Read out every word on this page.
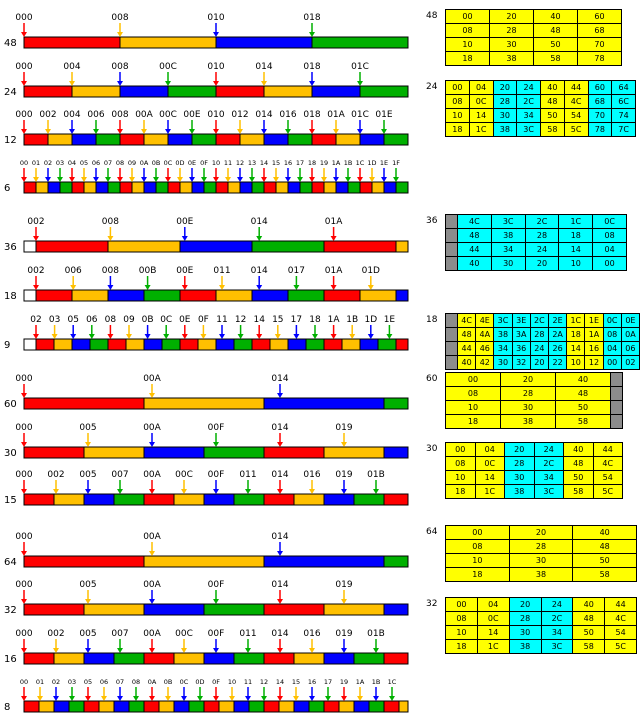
48
000	008	010	018
24
000	004	008	00C	010	014	018	01C
12
000 002 004 006 008 00A 00C 00E 010 012 014 016 018 01A 01C 01E
6
00 01 02 03 04 05 06 07 08 09 0A 0B 0C 0D 0E 0F 10 11 12 13 14 15 16 17 18 19 1A 1B 1C 1D 1E 1F
36
002	008	00E	014	01A
18
002 006 008 00B 00E 011 014 017 01A 01D
9
02 03 05 06 08 09 0B 0C 0E 0F 11 12 14 15 17 18 1A 1B 1D 1E
60
000	00A	014
30
000	005	00A	00F	014	019
15
000 002 005 007 00A 00C 00F 011 014 016 019 01B
64
000	00A	014
32
000	005	00A	00F	014	019
16
000 002 005 007 00A 00C 00F 011 014 016 019 01B
8
00 01 02 03 05 06 07 08 0A 0B 0C 0D 0F 10 11 12 14 15 16 17 19 1A 1B 1C
48	00	20	40	60
08	28	48	68
10	30	50	70
18	38	58	78
24	00	04	20	24	40	44	60	64
08	0C	28	2C	48	4C	68	6C
10	14	30	34	50	54	70	74
18	1C	38	3C	58	5C	78	7C
36	4C	3C	2C	1C	0C
48	38	28	18	08
44	34	24	14	04
40	30	20	10	00
18	4C 4E 3C 3E 2C 2E 1C 1E 0C 0E
48 4A 38 3A 28 2A 18 1A 08 0A
44	46	34	36	24	26	14	16	04	06
40	42	30	32	20	22	10	12	00	02
60	00	20	40
08	28	48
10	30	50
18	38	58
30	00	04	20	24	40	44
08	0C	28	2C	48	4C
10	14	30	34	50	54
18	1C	38	3C	58	5C
64	00	20	40
08	28	48
10	30	50
18	38	58
32	00	04	20	24	40	44
08	0C	28	2C	48	4C
10	14	30	34	50	54
18	1C	38	3C	58	5C
